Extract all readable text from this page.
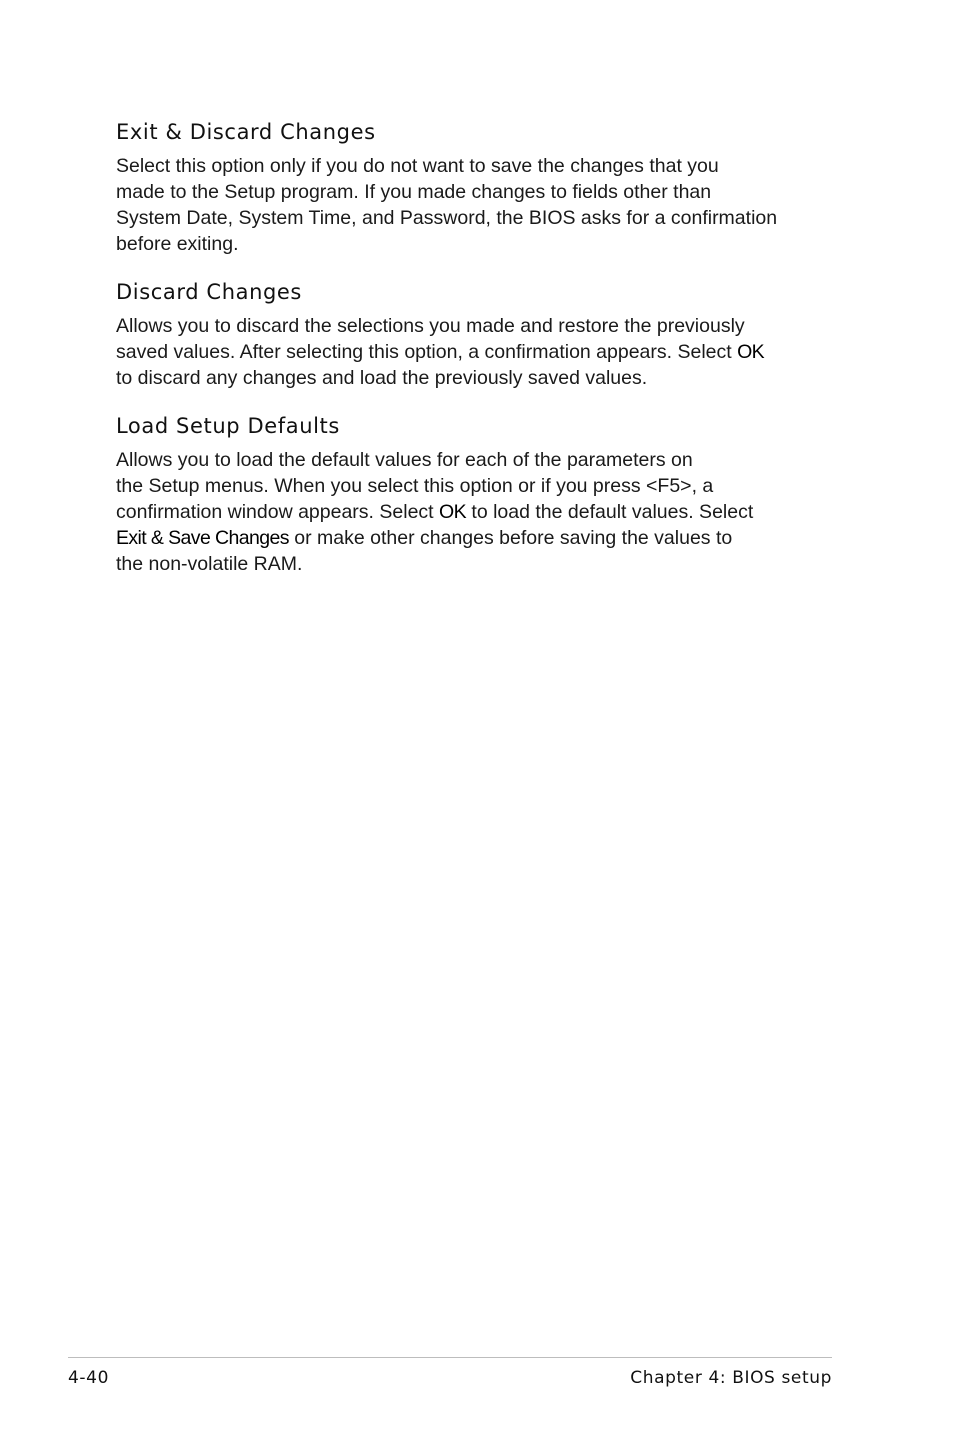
Exit & Discard Changes

Select this option only if you do not want to save the changes that you
made to the Setup program. If you made changes to fields other than
System Date, System Time, and Password, the BIOS asks for a confirmation
before exiting.

Discard Changes

Allows you to discard the selections you made and restore the previously
saved values. After selecting this option, a confirmation appears. Select OK
to discard any changes and load the previously saved values.

Load Setup Defaults

Allows you to load the default values for each of the parameters on
the Setup menus. When you select this option or if you press <F5>, a
confirmation window appears. Select OK to load the default values. Select
Exit & Save Changes or make other changes before saving the values to
the non-volatile RAM.

4-40	Chapter 4: BIOS setup
